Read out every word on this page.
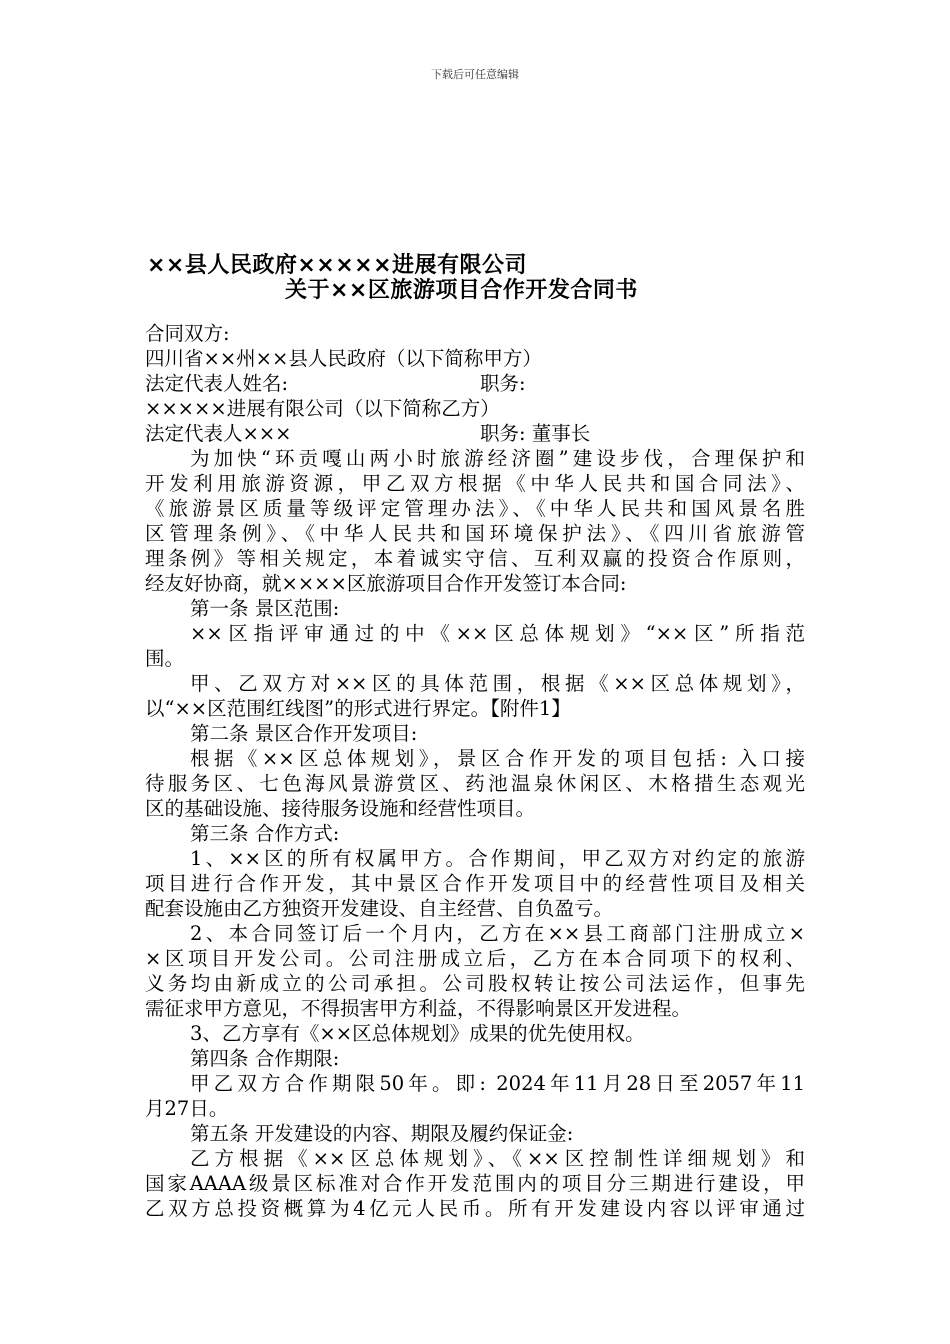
下载后可任意编辑
××县人民政府×××××进展有限公司
关于××区旅游项目合作开发合同书
合同双方:
四川省××州××县人民政府（以下简称甲方）
法定代表人姓名:	职务:
×××××进展有限公司（以下简称乙方）
法定代表人×××	职务: 董事长
为加快“环贡嘎山两小时旅游经济圈”建设步伐，合理保护和
开发利用旅游资源，甲乙双方根据《中华人民共和国合同法》、
《旅游景区质量等级评定管理办法》、《中华人民共和国风景名胜
区管理条例》、《中华人民共和国环境保护法》、《四川省旅游管
理条例》等相关规定，本着诚实守信、互利双赢的投资合作原则，
经友好协商，就××××区旅游项目合作开发签订本合同:
第一条 景区范围:
××区指评审通过的中《××区总体规划》“××区”所指范
围。
甲、乙双方对××区的具体范围，根据《××区总体规划》，
以“××区范围红线图”的形式进行界定。【附件1】
第二条 景区合作开发项目:
根据《××区总体规划》，景区合作开发的项目包括: 入口接
待服务区、七色海风景游赏区、药池温泉休闲区、木格措生态观光
区的基础设施、接待服务设施和经营性项目。
第三条 合作方式:
1、××区的所有权属甲方。合作期间，甲乙双方对约定的旅游
项目进行合作开发，其中景区合作开发项目中的经营性项目及相关
配套设施由乙方独资开发建设、自主经营、自负盈亏。
2、本合同签订后一个月内，乙方在××县工商部门注册成立×
×区项目开发公司。公司注册成立后，乙方在本合同项下的权利、
义务均由新成立的公司承担。公司股权转让按公司法运作，但事先
需征求甲方意见，不得损害甲方利益，不得影响景区开发进程。
3、乙方享有《××区总体规划》成果的优先使用权。
第四条 合作期限:
甲乙双方合作期限50年。即: 2024年11月28日至2057年11
月27日。
第五条 开发建设的内容、期限及履约保证金:
乙方根据《××区总体规划》、《××区控制性详细规划》和
国家AAAA级景区标准对合作开发范围内的项目分三期进行建设，甲
乙双方总投资概算为4亿元人民币。所有开发建设内容以评审通过
